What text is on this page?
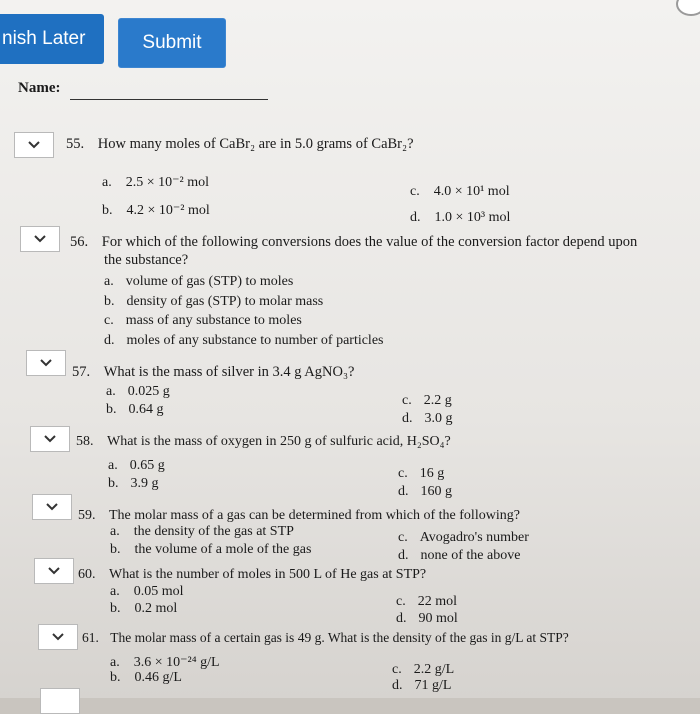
nish Later	Submit
Name:
55. How many moles of CaBr₂ are in 5.0 grams of CaBr₂?
a. 2.5 × 10⁻² mol
b. 4.2 × 10⁻² mol
c. 4.0 × 10¹ mol
d. 1.0 × 10³ mol
56. For which of the following conversions does the value of the conversion factor depend upon
the substance?
a. volume of gas (STP) to moles
b. density of gas (STP) to molar mass
c. mass of any substance to moles
d. moles of any substance to number of particles
57. What is the mass of silver in 3.4 g AgNO₃?
a. 0.025 g
b. 0.64 g
c. 2.2 g
d. 3.0 g
58. What is the mass of oxygen in 250 g of sulfuric acid, H₂SO₄?
a. 0.65 g
b. 3.9 g
c. 16 g
d. 160 g
59. The molar mass of a gas can be determined from which of the following?
a. the density of the gas at STP
b. the volume of a mole of the gas
c. Avogadro's number
d. none of the above
60. What is the number of moles in 500 L of He gas at STP?
a. 0.05 mol
b. 0.2 mol	c. 22 mol
d. 90 mol
61. The molar mass of a certain gas is 49 g. What is the density of the gas in g/L at STP?
a. 3.6 × 10⁻²⁴ g/L
b. 0.46 g/L
c. 2.2 g/L
d. 71 g/L
